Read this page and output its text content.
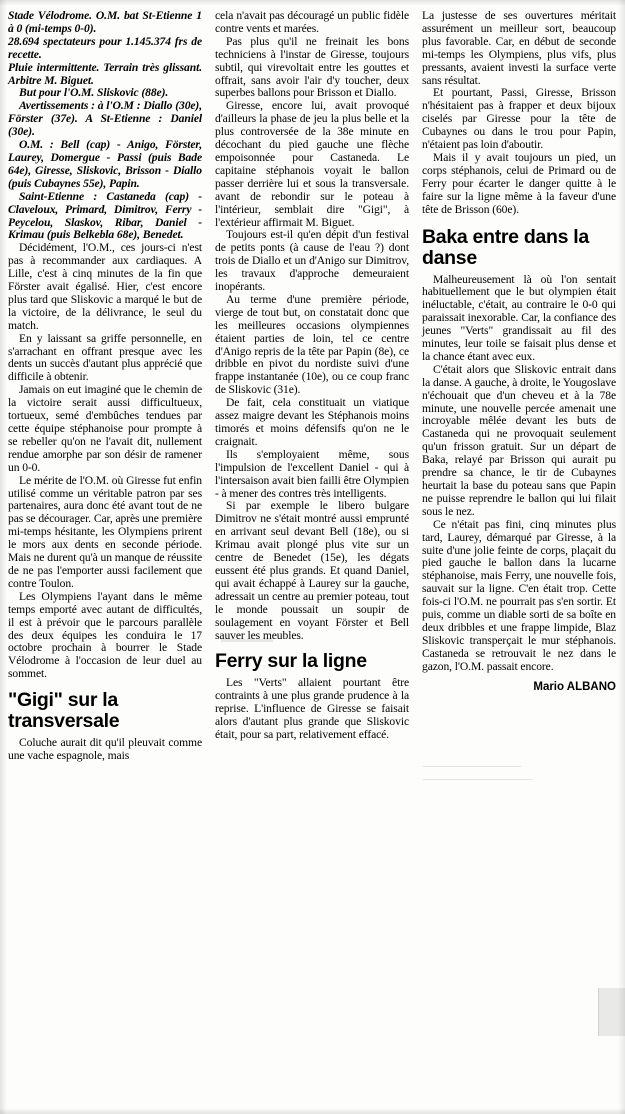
Stade Vélodrome. O.M. bat St-Etienne 1 à 0 (mi-temps 0-0).

28.694 spectateurs pour 1.145.374 frs de recette.

Pluie intermittente. Terrain très glissant. Arbitre M. Biguet.

But pour l'O.M. Sliskovic (88e).

Avertissements : à l'O.M : Diallo (30e), Förster (37e). A St-Etienne : Daniel (30e).

O.M. : Bell (cap) - Anigo, Förster, Laurey, Domergue - Passi (puis Bade 64e), Giresse, Sliskovic, Brisson - Diallo (puis Cubaynes 55e), Papin.

Saint-Etienne : Castaneda (cap) - Claveloux, Primard, Dimitrov, Ferry - Peycelou, Slaskov, Ribar, Daniel - Krimau (puis Belkebla 68e), Benedet.

Décidément, l'O.M., ces jours-ci n'est pas à recommander aux cardiaques. A Lille, c'est à cinq minutes de la fin que Förster avait égalisé. Hier, c'est encore plus tard que Sliskovic a marqué le but de la victoire, de la délivrance, le seul du match.

En y laissant sa griffe personnelle, en s'arrachant en offrant presque avec les dents un succès d'autant plus apprécié que difficile à obtenir.

Jamais on eut imaginé que le chemin de la victoire serait aussi difficultueux, tortueux, semé d'embûches tendues par cette équipe stéphanoise pour prompte à se rebeller qu'on ne l'avait dit, nullement rendue amorphe par son désir de ramener un 0-0.

Le mérite de l'O.M. où Giresse fut enfin utilisé comme un véritable patron par ses partenaires, aura donc été avant tout de ne pas se décourager. Car, après une première mi-temps hésitante, les Olympiens prirent le mors aux dents en seconde période. Mais ne durent qu'à un manque de réussite de ne pas l'emporter aussi facilement que contre Toulon.

Les Olympiens l'ayant dans le même temps emporté avec autant de difficultés, il est à prévoir que le parcours parallèle des deux équipes les conduira le 17 octobre prochain à bourrer le Stade Vélodrome à l'occasion de leur duel au sommet.

"Gigi" sur la transversale

Coluche aurait dit qu'il pleuvait comme une vache espagnole, mais

cela n'avait pas découragé un public fidèle contre vents et marées.

Pas plus qu'il ne freinait les bons techniciens à l'instar de Giresse, toujours subtil, qui virevoltait entre les gouttes et offrait, sans avoir l'air d'y toucher, deux superbes ballons pour Brisson et Diallo.

Giresse, encore lui, avait provoqué d'ailleurs la phase de jeu la plus belle et la plus controversée de la 38e minute en décochant du pied gauche une flèche empoisonnée pour Castaneda. Le capitaine stéphanois voyait le ballon passer derrière lui et sous la transversale. avant de rebondir sur le poteau à l'intérieur, semblait dire "Gigi", à l'extérieur affirmait M. Biguet.

Toujours est-il qu'en dépit d'un festival de petits ponts (à cause de l'eau ?) dont trois de Diallo et un d'Anigo sur Dimitrov, les travaux d'approche demeuraient inopérants.

Au terme d'une première période, vierge de tout but, on constatait donc que les meilleures occasions olympiennes étaient parties de loin, tel ce centre d'Anigo repris de la tête par Papin (8e), ce dribble en pivot du nordiste suivi d'une frappe instantanée (10e), ou ce coup franc de Sliskovic (31e).

De fait, cela constituait un viatique assez maigre devant les Stéphanois moins timorés et moins défensifs qu'on ne le craignait.

Ils s'employaient même, sous l'impulsion de l'excellent Daniel - qui à l'intersaison avait bien failli être Olympien - à mener des contres très intelligents.

Si par exemple le libero bulgare Dimitrov ne s'était montré aussi emprunté en arrivant seul devant Bell (18e), ou si Krimau avait plongé plus vite sur un centre de Benedet (15e), les dégats eussent été plus grands. Et quand Daniel, qui avait échappé à Laurey sur la gauche, adressait un centre au premier poteau, tout le monde poussait un soupir de soulagement en voyant Förster et Bell sauver les meubles.

Ferry sur la ligne

Les "Verts" allaient pourtant être contraints à une plus grande prudence à la reprise. L'influence de Giresse se faisait alors d'autant plus grande que Sliskovic était, pour sa part, relativement effacé.

La justesse de ses ouvertures méritait assurément un meilleur sort, beaucoup plus favorable. Car, en début de seconde mi-temps les Olympiens, plus vifs, plus pressants, avaient investi la surface verte sans résultat.

Et pourtant, Passi, Giresse, Brisson n'hésitaient pas à frapper et deux bijoux ciselés par Giresse pour la tête de Cubaynes ou dans le trou pour Papin, n'étaient pas loin d'aboutir.

Mais il y avait toujours un pied, un corps stéphanois, celui de Primard ou de Ferry pour écarter le danger quitte à le faire sur la ligne même à la faveur d'une tête de Brisson (60e).

Baka entre dans la danse

Malheureusement là où l'on sentait habituellement que le but olympien était inéluctable, c'était, au contraire le 0-0 qui paraissait inexorable. Car, la confiance des jeunes "Verts" grandissait au fil des minutes, leur toile se faisait plus dense et la chance étant avec eux.

C'était alors que Sliskovic entrait dans la danse. A gauche, à droite, le Yougoslave n'échouait que d'un cheveu et à la 78e minute, une nouvelle percée amenait une incroyable mêlée devant les buts de Castaneda qui ne provoquait seulement qu'un frisson gratuit. Sur un départ de Baka, relayé par Brisson qui aurait pu prendre sa chance, le tir de Cubaynes heurtait la base du poteau sans que Papin ne puisse reprendre le ballon qui lui filait sous le nez.

Ce n'était pas fini, cinq minutes plus tard, Laurey, démarqué par Giresse, à la suite d'une jolie feinte de corps, plaçait du pied gauche le ballon dans la lucarne stéphanoise, mais Ferry, une nouvelle fois, sauvait sur la ligne. C'en était trop. Cette fois-ci l'O.M. ne pourrait pas s'en sortir. Et puis, comme un diable sorti de sa boîte en deux dribbles et une frappe limpide, Blaz Sliskovic transperçait le mur stéphanois. Castaneda se retrouvait le nez dans le gazon, l'O.M. passait encore.

Mario ALBANO
